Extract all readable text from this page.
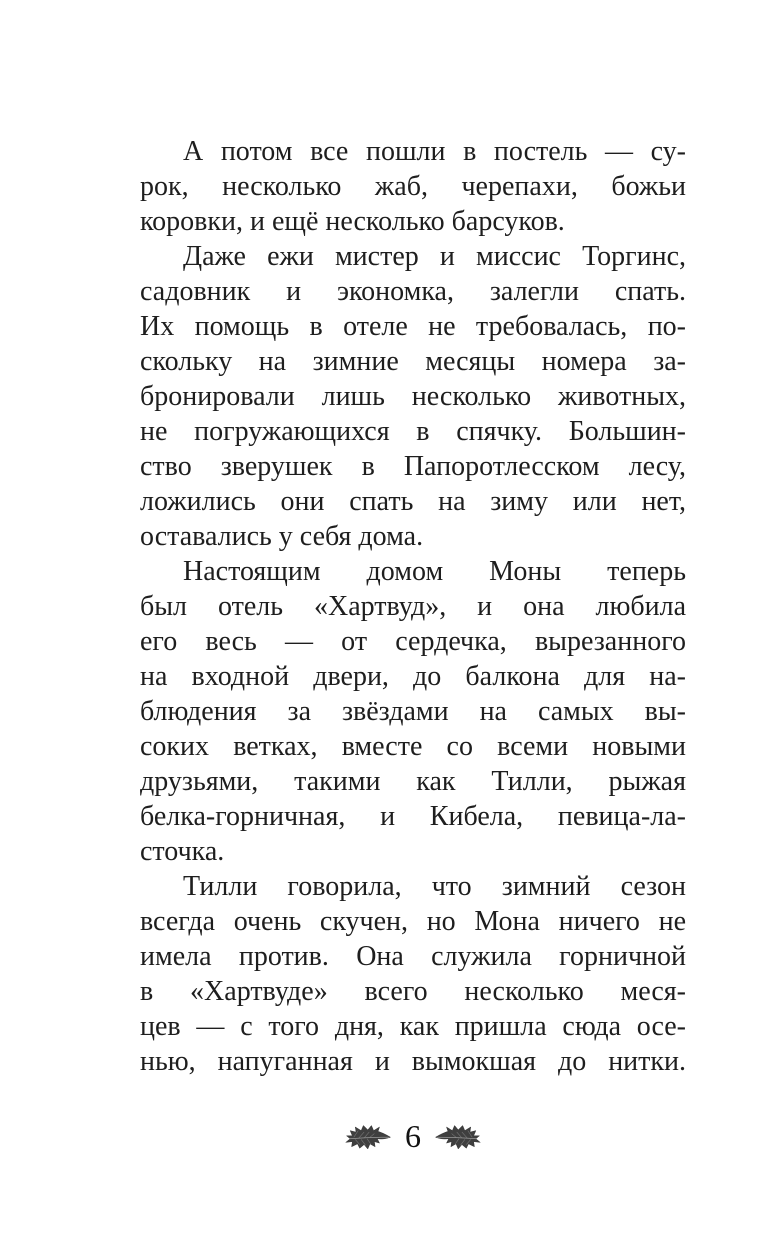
А потом все пошли в постель — су-
рок, несколько жаб, черепахи, божьи
коровки, и ещё несколько барсуков.
Даже ежи мистер и миссис Торгинс,
садовник и экономка, залегли спать.
Их помощь в отеле не требовалась, по-
скольку на зимние месяцы номера за-
бронировали лишь несколько животных,
не погружающихся в спячку. Большин-
ство зверушек в Папоротлесском лесу,
ложились они спать на зиму или нет,
оставались у себя дома.
Настоящим домом Моны теперь
был отель «Хартвуд», и она любила
его весь — от сердечка, вырезанного
на входной двери, до балкона для на-
блюдения за звёздами на самых вы-
соких ветках, вместе со всеми новыми
друзьями, такими как Тилли, рыжая
белка-горничная, и Кибела, певица-ла-
сточка.
Тилли говорила, что зимний сезон
всегда очень скучен, но Мона ничего не
имела против. Она служила горничной
в «Хартвуде» всего несколько меся-
цев — с того дня, как пришла сюда осе-
нью, напуганная и вымокшая до нитки.
6
